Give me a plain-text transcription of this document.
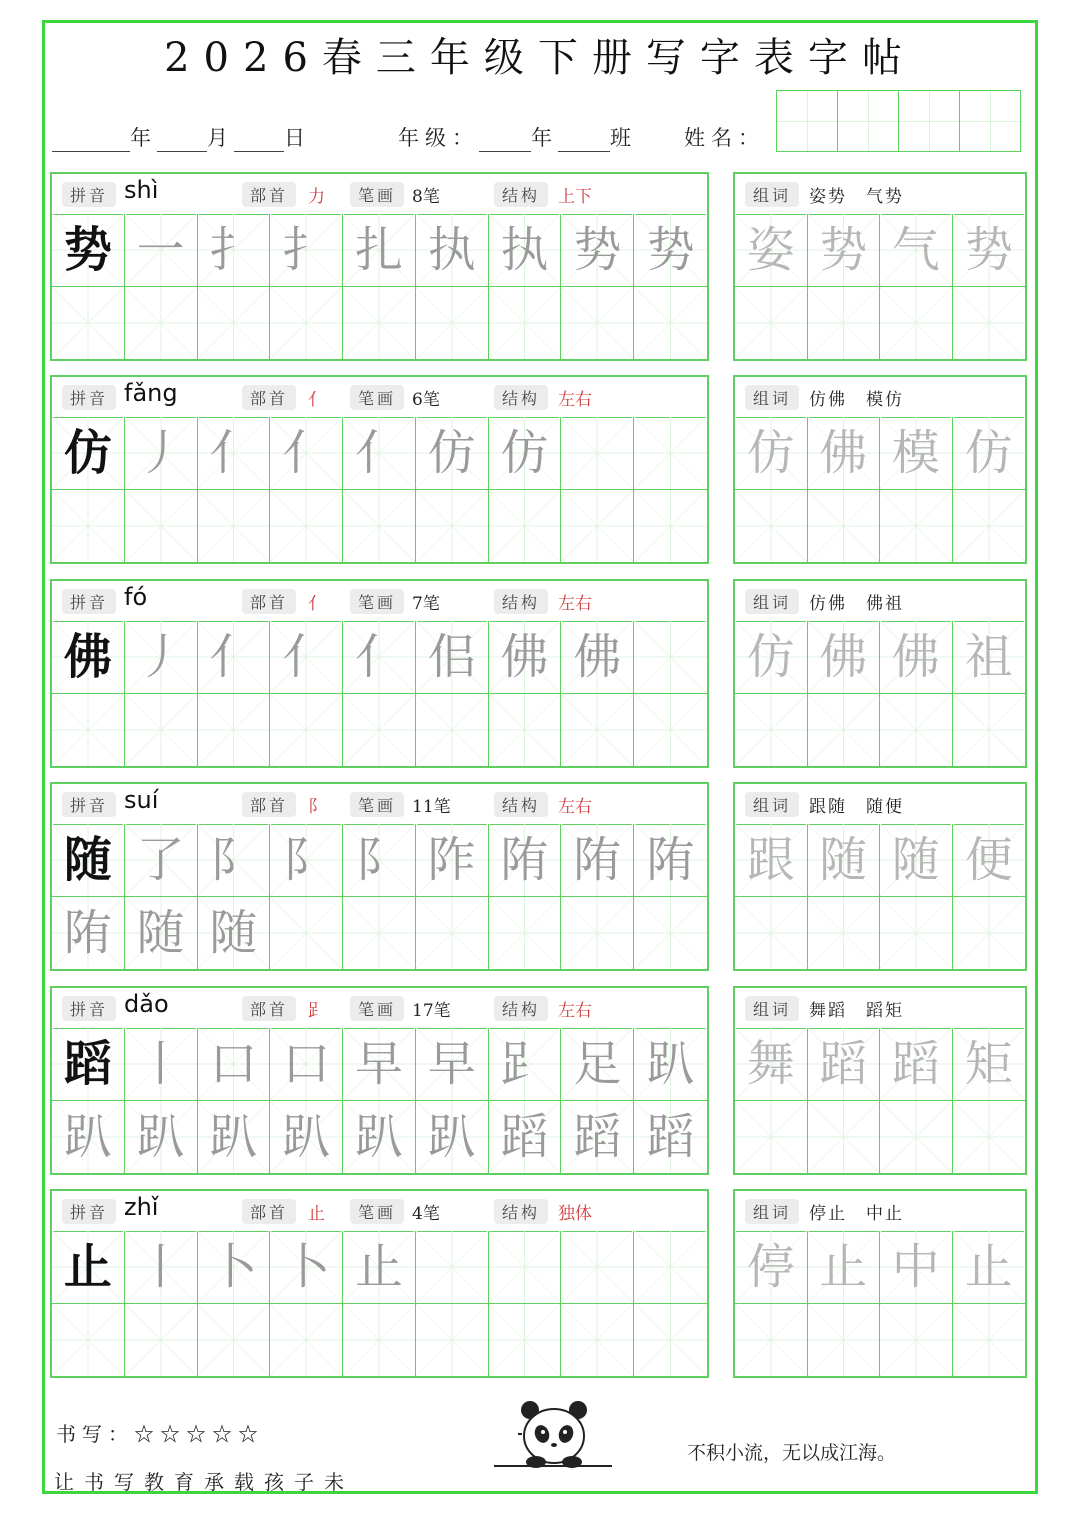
2026春三年级下册写字表字帖
年	月	日	年级： 年 班 姓名：
拼音 shì	部首	力	笔画 8笔	结构	上下
势 一 扌 扌 扎 执 执 势 势
组词	姿势　气势
姿 势 气 势
拼音 fǎng	部首	亻	笔画 6笔	结构	左右
仿 丿 亻 亻 亻 仿 仿
组词	仿佛　模仿
仿 佛 模 仿
拼音 fó	部首	亻	笔画 7笔	结构	左右
佛 丿 亻 亻 亻 佀 佛 佛
组词	仿佛　佛祖
仿 佛 佛 祖
拼音 suí	部首	阝	笔画 11笔	结构	左右
随 了 阝 阝 阝 阼 陏 陏 陏
陏 随 随
组词	跟随　随便
跟 随 随 便
拼音 dǎo	部首	𧾷	笔画 17笔	结构	左右
蹈 丨 口 口 早 早 𧾷 足 趴
趴 趴 趴 趴 趴 趴 蹈 蹈 蹈
组词	舞蹈　蹈矩
舞 蹈 蹈 矩
拼音 zhǐ	部首	止	笔画 4笔	结构	独体
止 丨 卜 卜 止
组词	停止　中止
停 止 中 止
书写：☆☆☆☆☆
让书写教育承载孩子未
不积小流，无以成江海。
